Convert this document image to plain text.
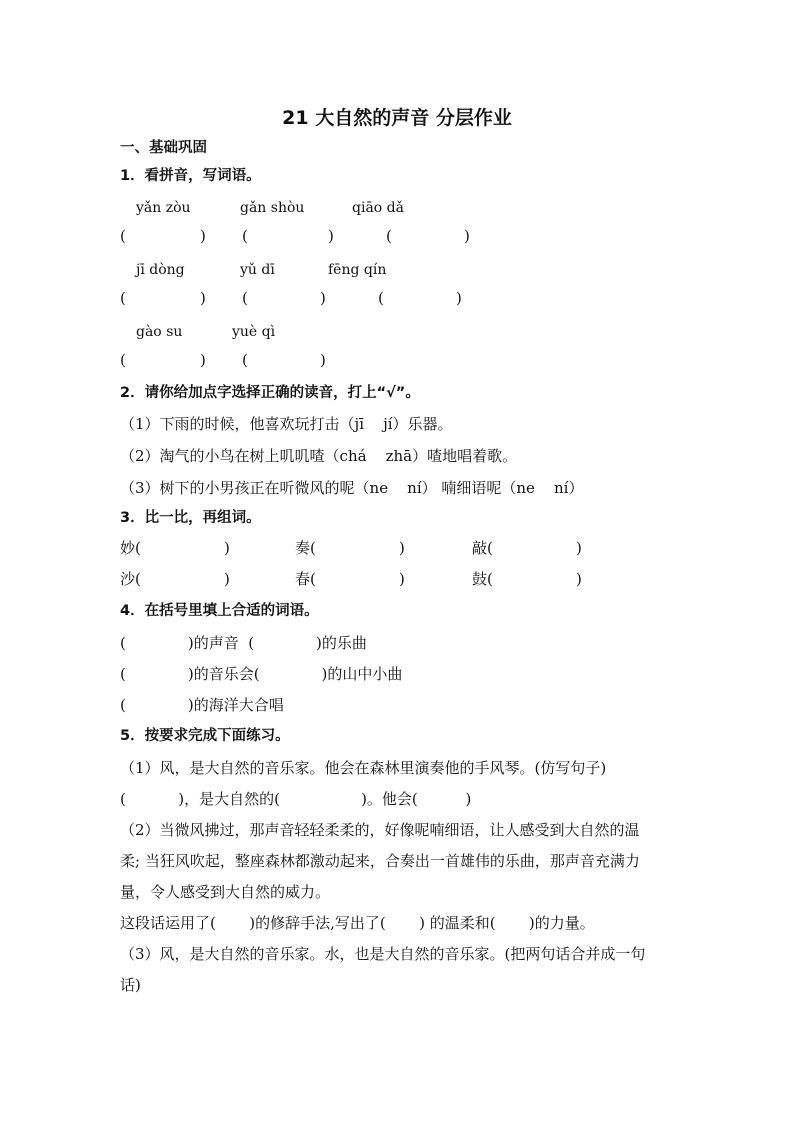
21 大自然的声音 分层作业
一、基础巩固
1．看拼音，写词语。
yǎn zòu	gǎn shòu	qiāo dǎ
(	) (	)	(	)
jī dòng	yǔ dī	fēng qín
(	) (	)	(	)
gào su	yuè qì
(	) (	)
2．请你给加点字选择正确的读音，打上“√”。
（1）下雨的时候，他喜欢玩打击（jī    jí）乐器。
（2）淘气的小鸟在树上叽叽喳（chá    zhā）喳地唱着歌。
（3）树下的小男孩正在听微风的呢（ne    ní） 喃细语呢（ne    ní）
3．比一比，再组词。
妙(	)	奏(	)	敲(	)
沙(	)	春(	)	鼓(	)
4．在括号里填上合适的词语。
(             )的声音  (             )的乐曲
(             )的音乐会(             )的山中小曲
(             )的海洋大合唱
5．按要求完成下面练习。
（1）风，是大自然的音乐家。他会在森林里演奏他的手风琴。(仿写句子)
(           )，是大自然的(                 )。他会(          )
（2）当微风拂过，那声音轻轻柔柔的，好像呢喃细语，让人感受到大自然的温
柔; 当狂风吹起，整座森林都激动起来，合奏出一首雄伟的乐曲，那声音充满力
量，令人感受到大自然的威力。
这段话运用了(       )的修辞手法,写出了(       ) 的温柔和(       )的力量。
（3）风，是大自然的音乐家。水，也是大自然的音乐家。(把两句话合并成一句
话)
